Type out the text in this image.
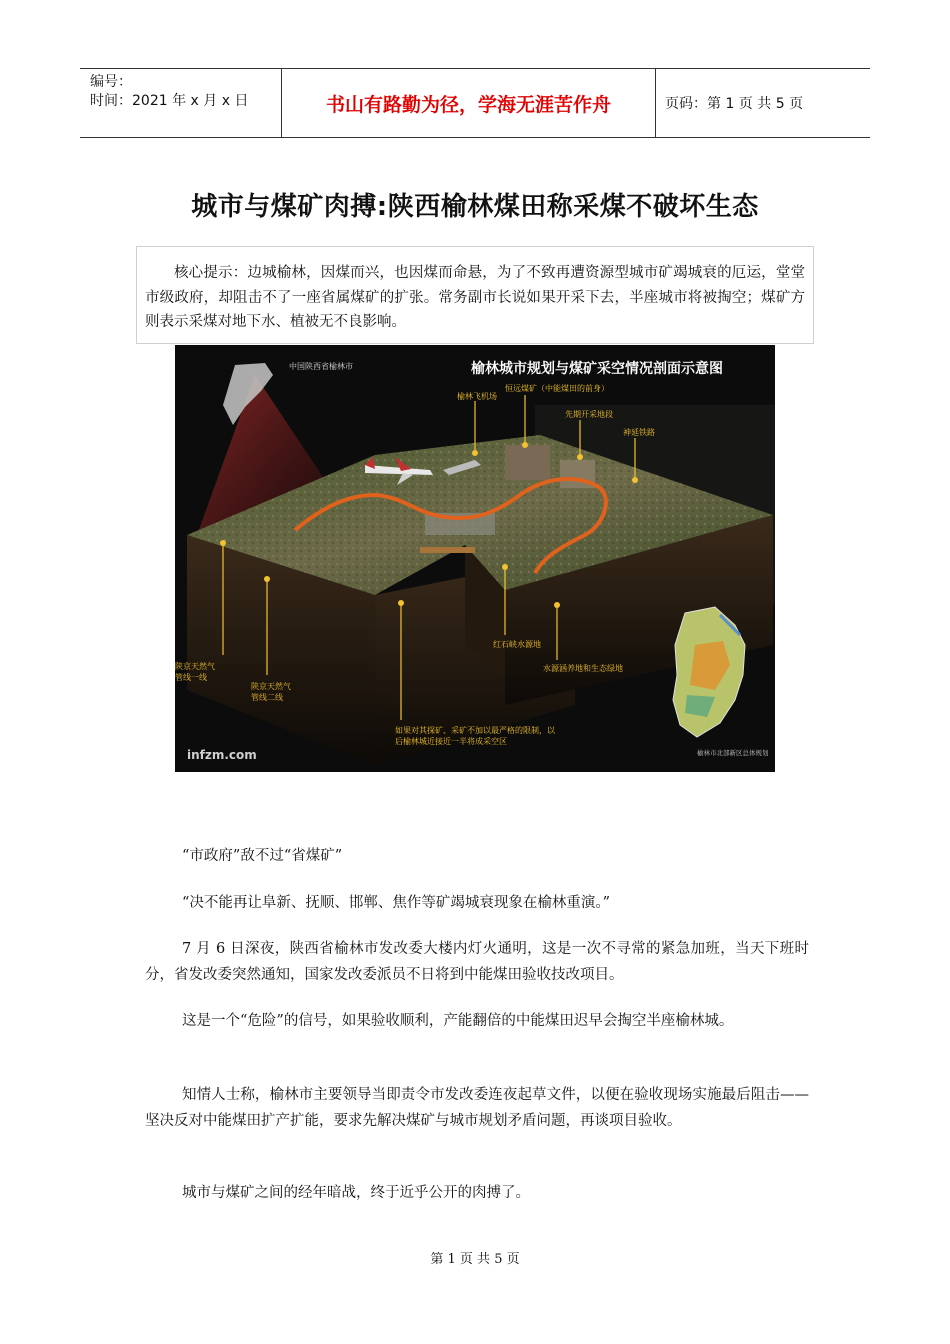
编号：
时间：2021 年 x 月 x 日	书山有路勤为径，学海无涯苦作舟	页码：第 1 页 共 5 页
城市与煤矿肉搏:陕西榆林煤田称采煤不破坏生态
核心提示：边城榆林，因煤而兴，也因煤而命悬，为了不致再遭资源型城市矿竭城衰的厄运，堂堂市级政府，却阻击不了一座省属煤矿的扩张。常务副市长说如果开采下去，半座城市将被掏空；煤矿方则表示采煤对地下水、植被无不良影响。
榆林城市规划与煤矿采空情况剖面示意图
中国陕西省榆林市
榆林飞机场
恒远煤矿（中能煤田的前身）
先期开采地段
神延铁路
红石峡水源地
水源涵养地和生态绿地
陕京天然气管线一线
陕京天然气管线二线
如果对其探矿、采矿不加以最严格的限制，以后榆林城近接近一半将成采空区
榆林市北部新区总体规划
infzm.com

“市政府”敌不过“省煤矿”

“决不能再让阜新、抚顺、邯郸、焦作等矿竭城衰现象在榆林重演。”

7 月 6 日深夜，陕西省榆林市发改委大楼内灯火通明，这是一次不寻常的紧急加班，当天下班时分，省发改委突然通知，国家发改委派员不日将到中能煤田验收技改项目。

这是一个“危险”的信号，如果验收顺利，产能翻倍的中能煤田迟早会掏空半座榆林城。

知情人士称，榆林市主要领导当即责令市发改委连夜起草文件，以便在验收现场实施最后阻击——坚决反对中能煤田扩产扩能，要求先解决煤矿与城市规划矛盾问题，再谈项目验收。

城市与煤矿之间的经年暗战，终于近乎公开的肉搏了。

第 1 页 共 5 页
